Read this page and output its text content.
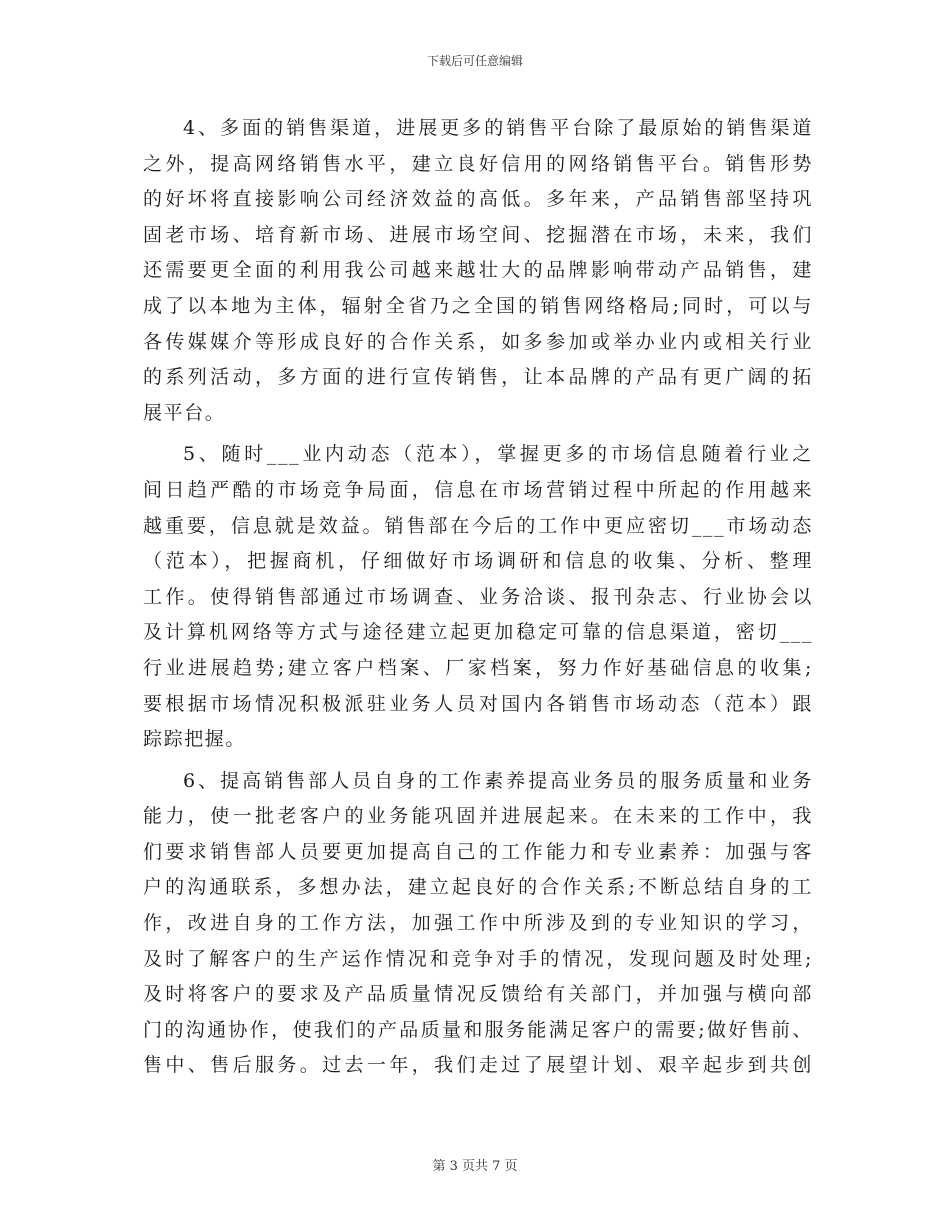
下载后可任意编辑
4、多面的销售渠道，进展更多的销售平台除了最原始的销售渠道
之外，提高网络销售水平，建立良好信用的网络销售平台。销售形势
的好坏将直接影响公司经济效益的高低。多年来，产品销售部坚持巩
固老市场、培育新市场、进展市场空间、挖掘潜在市场，未来，我们
还需要更全面的利用我公司越来越壮大的品牌影响带动产品销售，建
成了以本地为主体，辐射全省乃之全国的销售网络格局;同时，可以与
各传媒媒介等形成良好的合作关系，如多参加或举办业内或相关行业
的系列活动，多方面的进行宣传销售，让本品牌的产品有更广阔的拓
展平台。
5、随时___业内动态（范本），掌握更多的市场信息随着行业之
间日趋严酷的市场竞争局面，信息在市场营销过程中所起的作用越来
越重要，信息就是效益。销售部在今后的工作中更应密切___市场动态
（范本），把握商机，仔细做好市场调研和信息的收集、分析、整理
工作。使得销售部通过市场调查、业务洽谈、报刊杂志、行业协会以
及计算机网络等方式与途径建立起更加稳定可靠的信息渠道，密切___
行业进展趋势;建立客户档案、厂家档案，努力作好基础信息的收集;
要根据市场情况积极派驻业务人员对国内各销售市场动态（范本）跟
踪踪把握。
6、提高销售部人员自身的工作素养提高业务员的服务质量和业务
能力，使一批老客户的业务能巩固并进展起来。在未来的工作中，我
们要求销售部人员要更加提高自己的工作能力和专业素养：加强与客
户的沟通联系，多想办法，建立起良好的合作关系;不断总结自身的工
作，改进自身的工作方法，加强工作中所涉及到的专业知识的学习，
及时了解客户的生产运作情况和竞争对手的情况，发现问题及时处理;
及时将客户的要求及产品质量情况反馈给有关部门，并加强与横向部
门的沟通协作，使我们的产品质量和服务能满足客户的需要;做好售前、
售中、售后服务。过去一年，我们走过了展望计划、艰辛起步到共创
第 3 页共 7 页
